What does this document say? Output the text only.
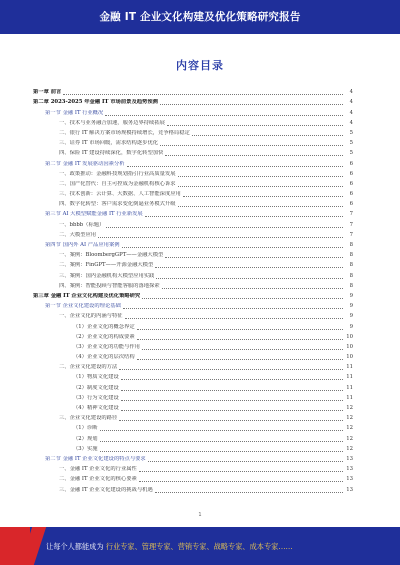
金融 IT 企业文化构建及优化策略研究报告
内容目录
第一章 前言	4
第二章 2023-2025 年金融 IT 市场前景及趋势预测	4
第一节 金融 IT 行业概况	4
一、技术与业务融合加速，服务边界持续拓展	4
二、银行 IT 解决方案市场规模持续增长，竞争格局稳定	5
三、证券 IT 市场回暖，需求结构逐步优化	5
四、保险 IT 建设持续深化，数字化转型加快	5
第二节 金融 IT 发展驱动因素分析	6
一、政策推动：金融科技规划指引行业高质量发展	6
二、国产化替代：自主可控成为金融机构核心诉求	6
三、技术创新：云计算、大数据、人工智能深度应用	6
四、数字化转型：客户需求变化倒逼业务模式升级	6
第三节 AI 大模型赋能金融 IT 行业新发展	7
一、bbbb（标题）	7
二、大模型应用	7
第四节 国内外 AI 产品应用案例	8
一、案例：BloombergGPT——金融大模型	8
二、案例：FinGPT——开源金融大模型	8
三、案例：国内金融机构大模型应用实践	8
四、案例：智能投顾与智能客服的落地探索	8
第三章 金融 IT 企业文化构建及优化策略研究	9
第一节 企业文化建设的理论基础	9
一、企业文化的内涵与特征	9
（1）企业文化的概念界定	9
（2）企业文化的构成要素	10
（3）企业文化的功能与作用	10
（4）企业文化的层次结构	10
二、企业文化建设的方法	11
（1）物质文化建设	11
（2）制度文化建设	11
（3）行为文化建设	11
（4）精神文化建设	12
三、企业文化建设的路径	12
（1）诊断	12
（2）规划	12
（3）实施	12
第二节 金融 IT 企业文化建设的特点与要求	13
一、金融 IT 企业文化的行业属性	13
二、金融 IT 企业文化的核心要素	13
三、金融 IT 企业文化建设的挑战与机遇	13
1
让每个人都能成为 行业专家、管理专家、营销专家、战略专家、成本专家……
